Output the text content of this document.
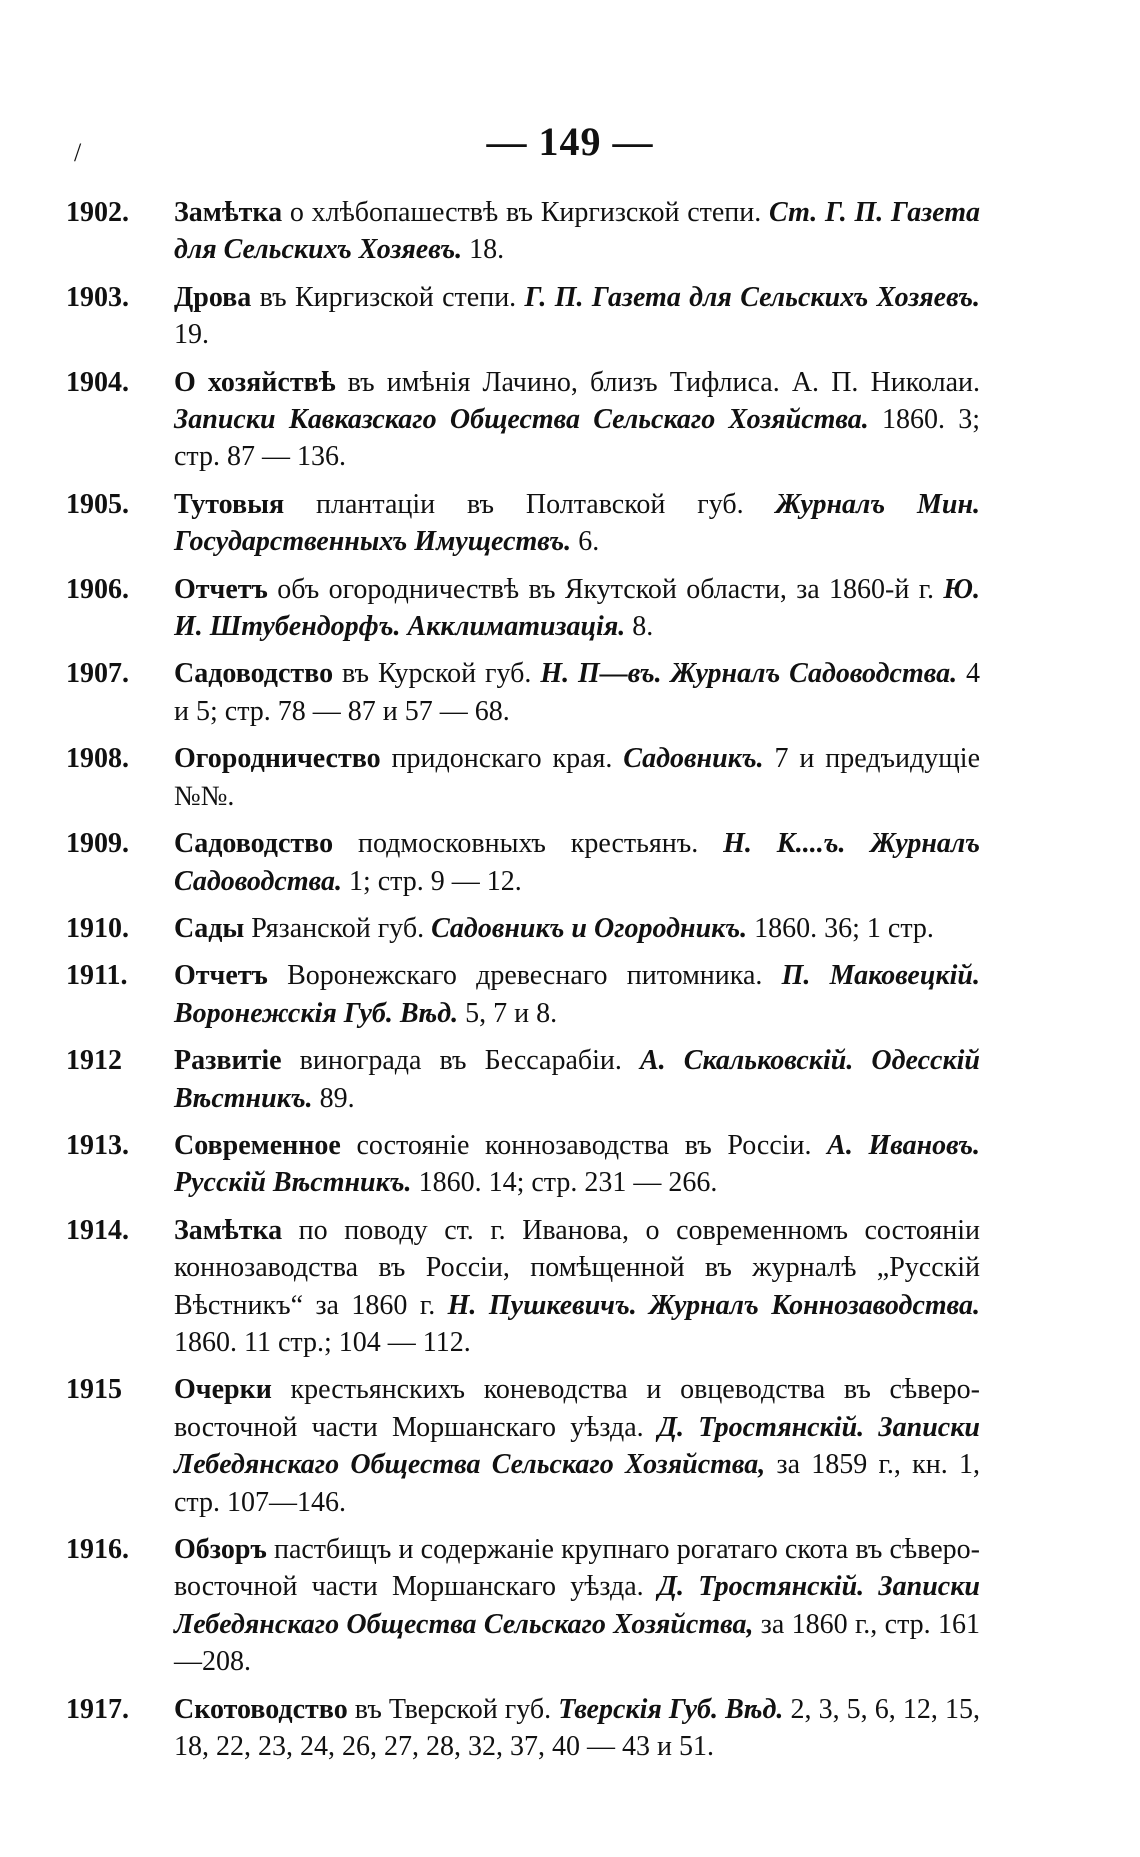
/	— 149 —
1902.	Замѣтка о хлѣбопашествѣ въ Киргизской степи. Ст. Г. П. Газета для Сельскихъ Хозяевъ. 18.
1903.	Дрова въ Киргизской степи. Г. П. Газета для Сельскихъ Хозяевъ. 19.
1904.	О хозяйствѣ въ имѣнія Лачино, близъ Тифлиса. А. П. Николаи. Записки Кавказскаго Общества Сельскаго Хозяйства. 1860. 3; стр. 87 — 136.
1905.	Тутовыя плантаціи въ Полтавской губ. Журналъ Мин. Государственныхъ Имуществъ. 6.
1906.	Отчетъ объ огородничествѣ въ Якутской области, за 1860-й г. Ю. И. Штубендорфъ. Акклиматизація. 8.
1907.	Садоводство въ Курской губ. Н. П—въ. Журналъ Садоводства. 4 и 5; стр. 78 — 87 и 57 — 68.
1908.	Огородничество придонскаго края. Садовникъ. 7 и предъидущіе №№.
1909.	Садоводство подмосковныхъ крестьянъ. Н. К....ъ. Журналъ Садоводства. 1; стр. 9 — 12.
1910.	Сады Рязанской губ. Садовникъ и Огородникъ. 1860. 36; 1 стр.
1911.	Отчетъ Воронежскаго древеснаго питомника. П. Маковецкій. Воронежскія Губ. Вѣд. 5, 7 и 8.
1912	Развитіе винограда въ Бессарабіи. А. Скальковскій. Одесскій Вѣстникъ. 89.
1913.	Современное состояніе коннозаводства въ Россіи. А. Ивановъ. Русскій Вѣстникъ. 1860. 14; стр. 231 — 266.
1914.	Замѣтка по поводу ст. г. Иванова, о современномъ состояніи коннозаводства въ Россіи, помѣщенной въ журналѣ „Русскій Вѣстникъ“ за 1860 г. Н. Пушкевичъ. Журналъ Коннозаводства. 1860. 11 стр.; 104 — 112.
1915	Очерки крестьянскихъ коневодства и овцеводства въ сѣверо-восточной части Моршанскаго уѣзда. Д. Тростянскій. Записки Лебедянскаго Общества Сельскаго Хозяйства, за 1859 г., кн. 1, стр. 107—146.
1916.	Обзоръ пастбищъ и содержаніе крупнаго рогатаго скота въ сѣверо-восточной части Моршанскаго уѣзда. Д. Тростянскій. Записки Лебедянскаго Общества Сельскаго Хозяйства, за 1860 г., стр. 161—208.
1917.	Скотоводство въ Тверской губ. Тверскія Губ. Вѣд. 2, 3, 5, 6, 12, 15, 18, 22, 23, 24, 26, 27, 28, 32, 37, 40 — 43 и 51.
